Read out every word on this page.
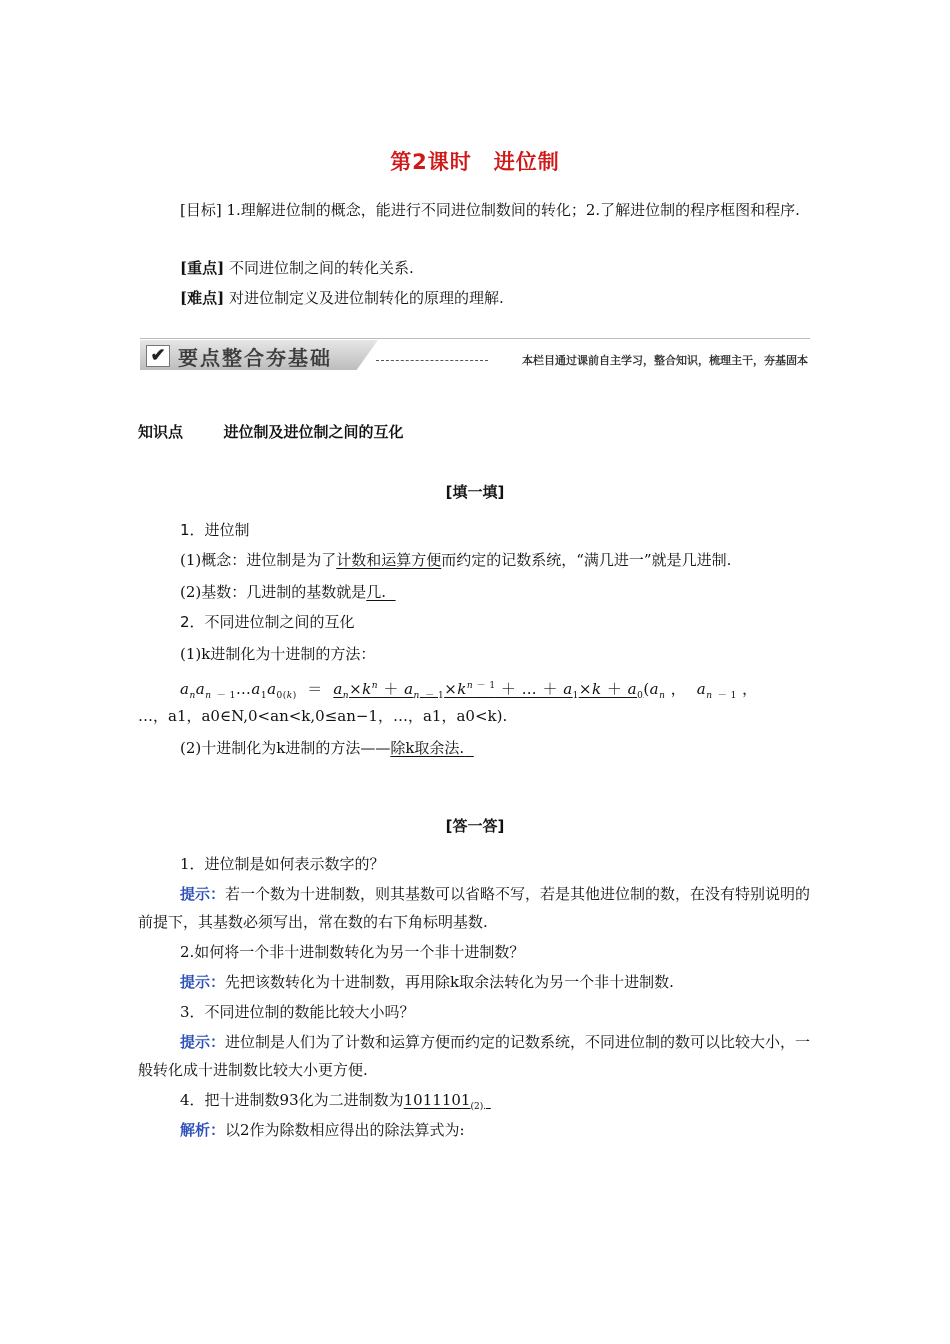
第2课时　进位制
[目标] 1.理解进位制的概念，能进行不同进位制数间的转化；2.了解进位制的程序框图和程序.
[重点] 不同进位制之间的转化关系.
[难点] 对进位制定义及进位制转化的原理的理解.
✔ 要点整合夯基础	本栏目通过课前自主学习，整合知识，梳理主干，夯基固本
知识点	进位制及进位制之间的互化
[填一填]
1．进位制
(1)概念：进位制是为了计数和运算方便而约定的记数系统，“满几进一”就是几进制.
(2)基数：几进制的基数就是几.
2．不同进位制之间的互化
(1)k进制化为十进制的方法：
$a_na_n$ $_{- 1}\dots a_1a_{0(k)} = a_n\times k^n + a_n$ $_{- 1}\times k^n$ $^{- 1}$ ＋ … ＋ $a_1\times k + a_0(a_n$ ，  $a_n$ $_{- 1}$ ，
…，a1，a0∈N,0<an<k,0≤an−1，…，a1，a0<k).
(2)十进制化为k进制的方法——除k取余法.
[答一答]
1．进位制是如何表示数字的？
提示：若一个数为十进制数，则其基数可以省略不写，若是其他进位制的数，在没有特别说明的前提下，其基数必须写出，常在数的右下角标明基数.
2.如何将一个非十进制数转化为另一个非十进制数？
提示：先把该数转化为十进制数，再用除k取余法转化为另一个非十进制数.
3．不同进位制的数能比较大小吗？
提示：进位制是人们为了计数和运算方便而约定的记数系统，不同进位制的数可以比较大小，一般转化成十进制数比较大小更方便.
4．把十进制数93化为二进制数为$1011101_{(2).}$
解析：以2作为除数相应得出的除法算式为:
